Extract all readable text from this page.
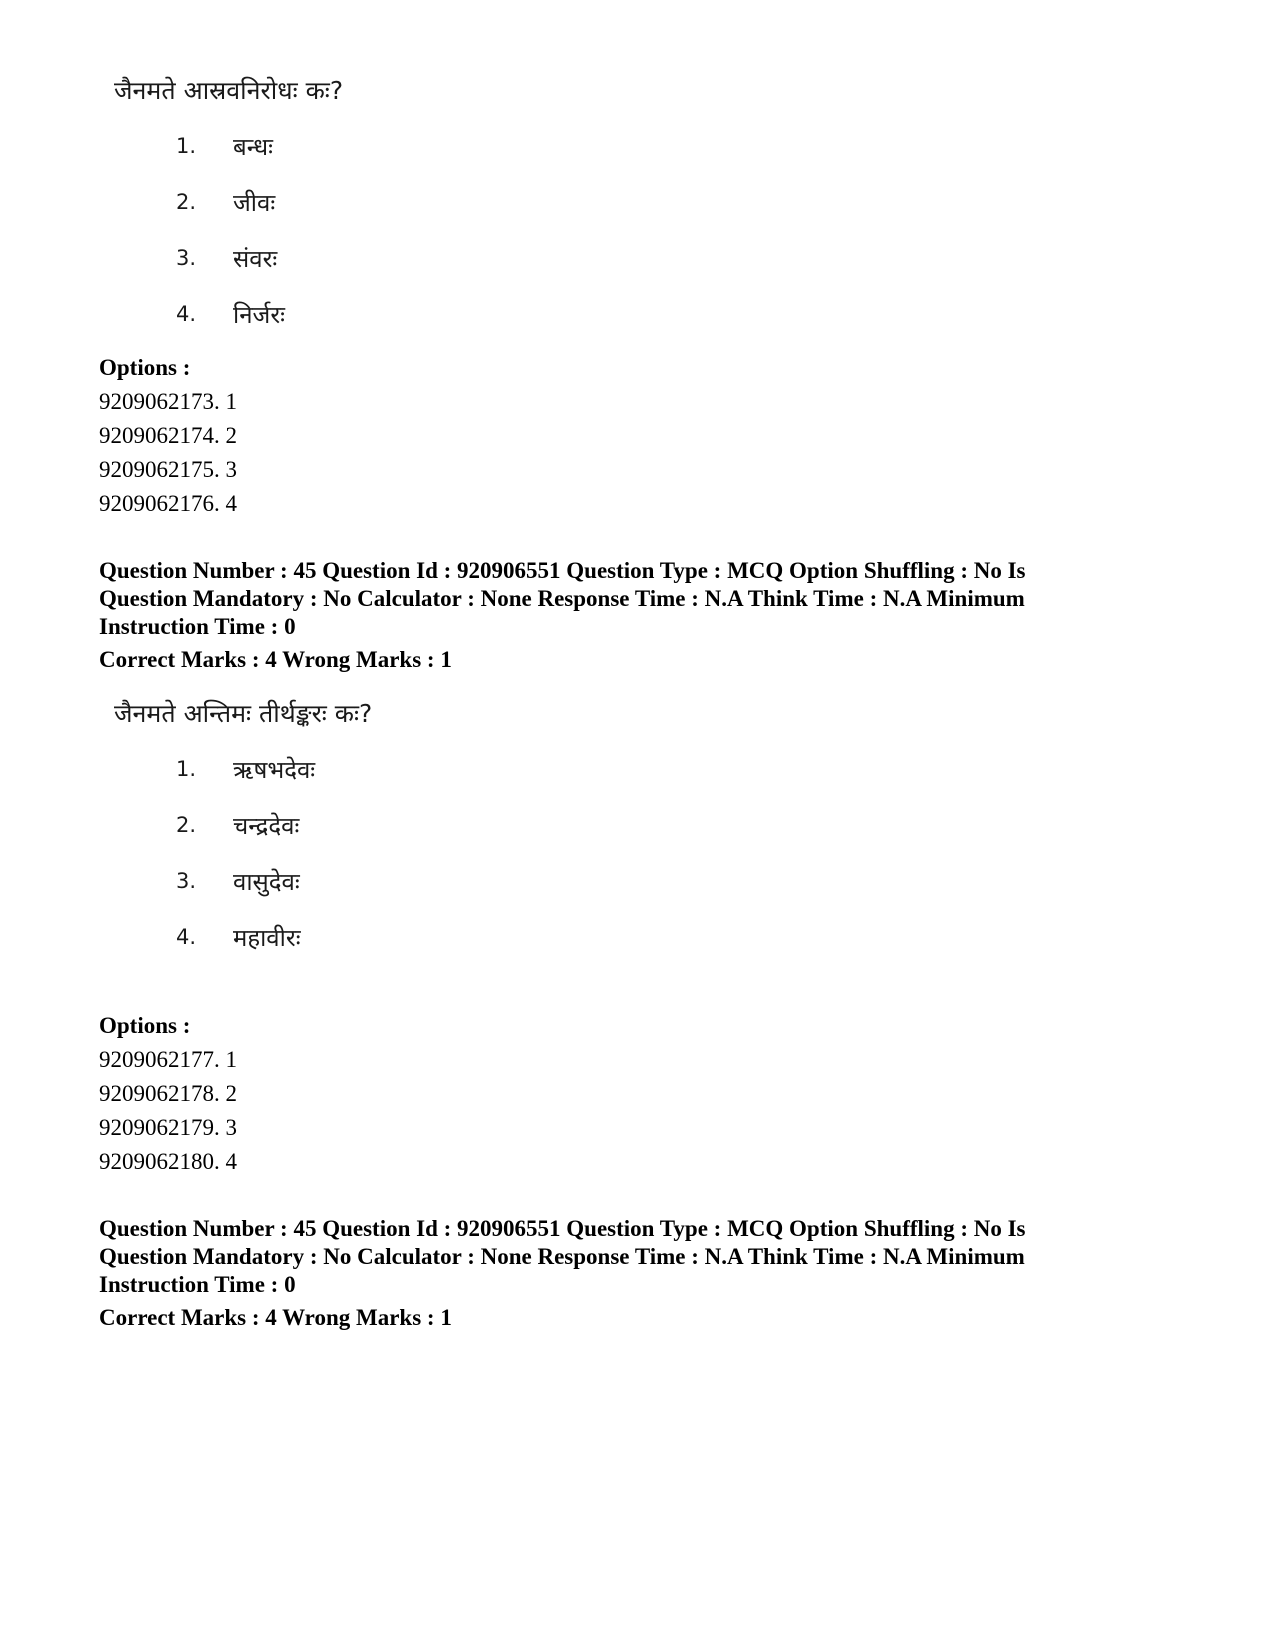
जैनमते आस्रवनिरोधः कः?

1. बन्धः
2. जीवः
3. संवरः
4. निर्जरः
Options :
9209062173. 1
9209062174. 2
9209062175. 3
9209062176. 4
Question Number : 45 Question Id : 920906551 Question Type : MCQ Option Shuffling : No Is
Question Mandatory : No Calculator : None Response Time : N.A Think Time : N.A Minimum
Instruction Time : 0
Correct Marks : 4 Wrong Marks : 1

जैनमते अन्तिमः तीर्थङ्करः कः?

1. ऋषभदेवः
2. चन्द्रदेवः
3. वासुदेवः
4. महावीरः
Options :
9209062177. 1
9209062178. 2
9209062179. 3
9209062180. 4
Question Number : 45 Question Id : 920906551 Question Type : MCQ Option Shuffling : No Is
Question Mandatory : No Calculator : None Response Time : N.A Think Time : N.A Minimum
Instruction Time : 0
Correct Marks : 4 Wrong Marks : 1
